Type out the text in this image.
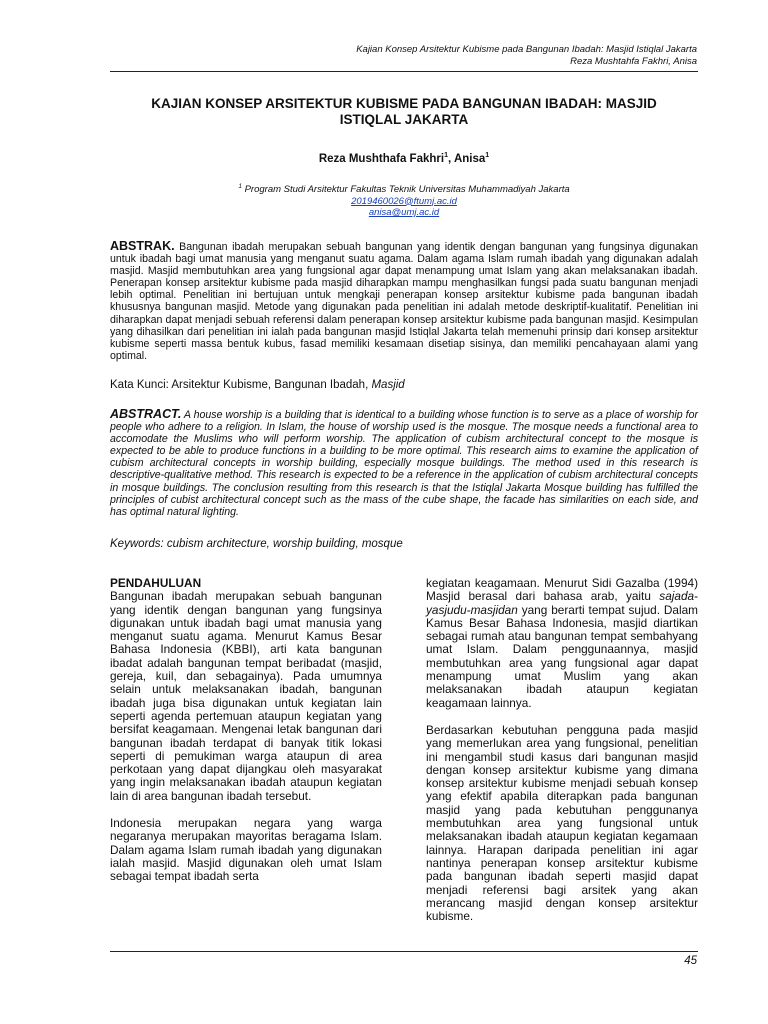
Kajian Konsep Arsitektur Kubisme pada Bangunan Ibadah: Masjid Istiqlal Jakarta
Reza Mushtahfa Fakhri, Anisa
KAJIAN KONSEP ARSITEKTUR KUBISME PADA BANGUNAN IBADAH: MASJID
ISTIQLAL JAKARTA
Reza Mushthafa Fakhri$^1$, Anisa$^1$
$^1$ Program Studi Arsitektur Fakultas Teknik Universitas Muhammadiyah Jakarta
2019460026@ftumj.ac.id
anisa@umj.ac.id

ABSTRAK. Bangunan ibadah merupakan sebuah bangunan yang identik dengan bangunan yang fungsinya digunakan untuk ibadah bagi umat manusia yang menganut suatu agama. Dalam agama Islam rumah ibadah yang digunakan adalah masjid. Masjid membutuhkan area yang fungsional agar dapat menampung umat Islam yang akan melaksanakan ibadah. Penerapan konsep arsitektur kubisme pada masjid diharapkan mampu menghasilkan fungsi pada suatu bangunan menjadi lebih optimal. Penelitian ini bertujuan untuk mengkaji penerapan konsep arsitektur kubisme pada bangunan ibadah khususnya bangunan masjid. Metode yang digunakan pada penelitian ini adalah metode deskriptif-kualitatif. Penelitian ini diharapkan dapat menjadi sebuah referensi dalam penerapan konsep arsitektur kubisme pada bangunan masjid. Kesimpulan yang dihasilkan dari penelitian ini ialah pada bangunan masjid Istiqlal Jakarta telah memenuhi prinsip dari konsep arsitektur kubisme seperti massa bentuk kubus, fasad memiliki kesamaan disetiap sisinya, dan memiliki pencahayaan alami yang optimal.

Kata Kunci: Arsitektur Kubisme, Bangunan Ibadah, Masjid

ABSTRACT. A house worship is a building that is identical to a building whose function is to serve as a place of worship for people who adhere to a religion. In Islam, the house of worship used is the mosque. The mosque needs a functional area to accomodate the Muslims who will perform worship. The application of cubism architectural concept to the mosque is expected to be able to produce functions in a building to be more optimal. This research aims to examine the application of cubism architectural concepts in worship building, especially mosque buildings. The method used in this research is descriptive-qualitative method. This research is expected to be a reference in the application of cubism architectural concepts in mosque buildings. The conclusion resulting from this research is that the Istiqlal Jakarta Mosque building has fulfilled the principles of cubist architectural concept such as the mass of the cube shape, the facade has similarities on each side, and has optimal natural lighting.

Keywords: cubism architecture, worship building, mosque

PENDAHULUAN

Bangunan ibadah merupakan sebuah bangunan yang identik dengan bangunan yang fungsinya digunakan untuk ibadah bagi umat manusia yang menganut suatu agama. Menurut Kamus Besar Bahasa Indonesia (KBBI), arti kata bangunan ibadat adalah bangunan tempat beribadat (masjid, gereja, kuil, dan sebagainya). Pada umumnya selain untuk melaksanakan ibadah, bangunan ibadah juga bisa digunakan untuk kegiatan lain seperti agenda pertemuan ataupun kegiatan yang bersifat keagamaan. Mengenai letak bangunan dari bangunan ibadah terdapat di banyak titik lokasi seperti di pemukiman warga ataupun di area perkotaan yang dapat dijangkau oleh masyarakat yang ingin melaksanakan ibadah ataupun kegiatan lain di area bangunan ibadah tersebut.

Indonesia merupakan negara yang warga negaranya merupakan mayoritas beragama Islam. Dalam agama Islam rumah ibadah yang digunakan ialah masjid. Masjid digunakan oleh umat Islam sebagai tempat ibadah serta

kegiatan keagamaan. Menurut Sidi Gazalba (1994) Masjid berasal dari bahasa arab, yaitu sajada-yasjudu-masjidan yang berarti tempat sujud. Dalam Kamus Besar Bahasa Indonesia, masjid diartikan sebagai rumah atau bangunan tempat sembahyang umat Islam. Dalam penggunaannya, masjid membutuhkan area yang fungsional agar dapat menampung umat Muslim yang akan melaksanakan ibadah ataupun kegiatan keagamaan lainnya.

Berdasarkan kebutuhan pengguna pada masjid yang memerlukan area yang fungsional, penelitian ini mengambil studi kasus dari bangunan masjid dengan konsep arsitektur kubisme yang dimana konsep arsitektur kubisme menjadi sebuah konsep yang efektif apabila diterapkan pada bangunan masjid yang pada kebutuhan penggunanya membutuhkan area yang fungsional untuk melaksanakan ibadah ataupun kegiatan kegamaan lainnya. Harapan daripada penelitian ini agar nantinya penerapan konsep arsitektur kubisme pada bangunan ibadah seperti masjid dapat menjadi referensi bagi arsitek yang akan merancang masjid dengan konsep arsitektur kubisme.

45
